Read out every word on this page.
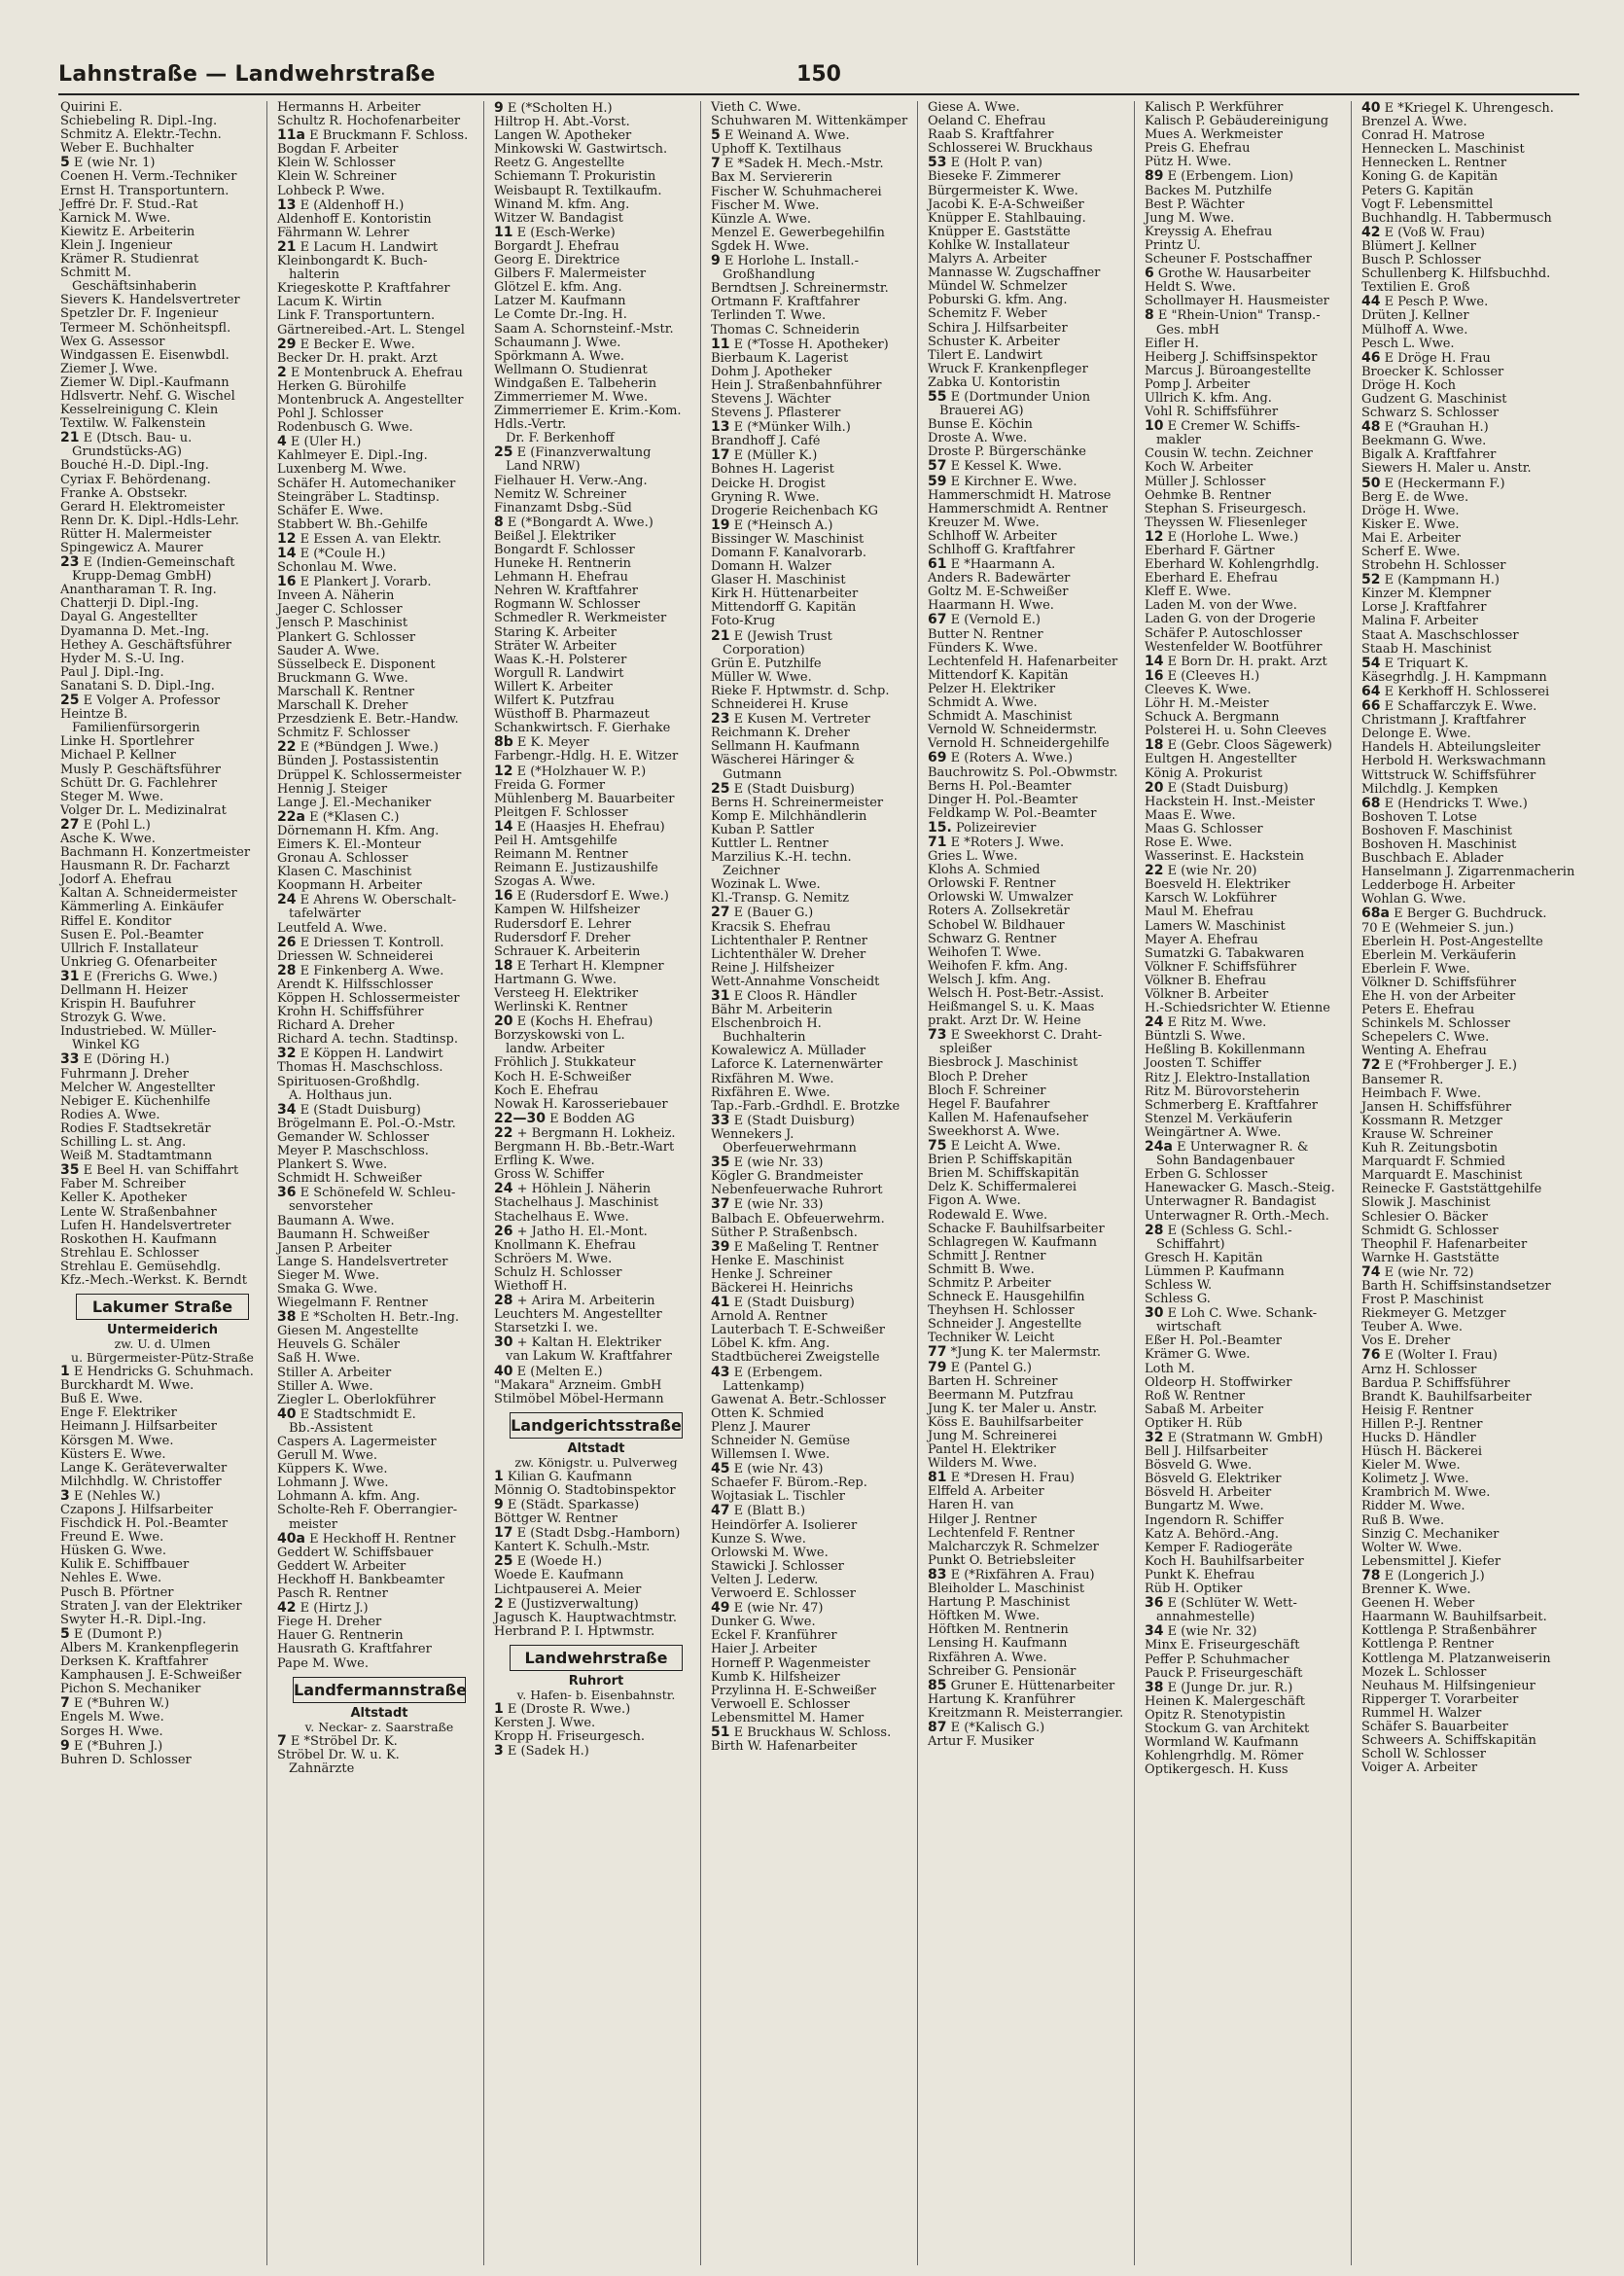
Lahnstraße — Landwehrstraße	150
Quirini E.
Schiebeling R. Dipl.-Ing.
Schmitz A. Elektr.-Techn.
Weber E. Buchhalter
5 E (wie Nr. 1)
Coenen H. Verm.-Techniker
Ernst H. Transportuntern.
Jeffré Dr. F. Stud.-Rat
Karnick M. Wwe.
Kiewitz E. Arbeiterin
Klein J. Ingenieur
Krämer R. Studienrat
Schmitt M.
Geschäftsinhaberin
Sievers K. Handelsvertreter
Spetzler Dr. F. Ingenieur
Termeer M. Schönheitspfl.
Wex G. Assessor
Windgassen E. Eisenwbdl.
Ziemer J. Wwe.
Ziemer W. Dipl.-Kaufmann
Hdlsvertr. Nehf. G. Wischel
Kesselreinigung C. Klein
Textilw. W. Falkenstein
21 E (Dtsch. Bau- u.
Grundstücks-AG)
Bouché H.-D. Dipl.-Ing.
Cyriax F. Behördenang.
Franke A. Obstsekr.
Gerard H. Elektromeister
Renn Dr. K. Dipl.-Hdls-Lehr.
Rütter H. Malermeister
Spingewicz A. Maurer
23 E (Indien-Gemeinschaft
Krupp-Demag GmbH)
Anantharaman T. R. Ing.
Chatterji D. Dipl.-Ing.
Dayal G. Angestellter
Dyamanna D. Met.-Ing.
Hethey A. Geschäftsführer
Hyder M. S.-U. Ing.
Paul J. Dipl.-Ing.
Sanatani S. D. Dipl.-Ing.
25 E Volger A. Professor
Heintze B.
Familienfürsorgerin
Linke H. Sportlehrer
Michael P. Kellner
Musly P. Geschäftsführer
Schütt Dr. G. Fachlehrer
Steger M. Wwe.
Volger Dr. L. Medizinalrat
27 E (Pohl L.)
Asche K. Wwe.
Bachmann H. Konzertmeister
Hausmann R. Dr. Facharzt
Jodorf A. Ehefrau
Kaltan A. Schneidermeister
Kämmerling A. Einkäufer
Riffel E. Konditor
Susen E. Pol.-Beamter
Ullrich F. Installateur
Unkrieg G. Ofenarbeiter
31 E (Frerichs G. Wwe.)
Dellmann H. Heizer
Krispin H. Baufuhrer
Strozyk G. Wwe.
Industriebed. W. Müller-
Winkel KG
33 E (Döring H.)
Fuhrmann J. Dreher
Melcher W. Angestellter
Nebiger E. Küchenhilfe
Rodies A. Wwe.
Rodies F. Stadtsekretär
Schilling L. st. Ang.
Weiß M. Stadtamtmann
35 E Beel H. van Schiffahrt
Faber M. Schreiber
Keller K. Apotheker
Lente W. Straßenbahner
Lufen H. Handelsvertreter
Roskothen H. Kaufmann
Strehlau E. Schlosser
Strehlau E. Gemüsehdlg.
Kfz.-Mech.-Werkst. K. Berndt
Lakumer Straße
Untermeiderich
zw. U. d. Ulmen
u. Bürgermeister-Pütz-Straße
1 E Hendricks G. Schuhmach.
Burckhardt M. Wwe.
Buß E. Wwe.
Enge F. Elektriker
Heimann J. Hilfsarbeiter
Körsgen M. Wwe.
Küsters E. Wwe.
Lange K. Geräteverwalter
Milchhdlg. W. Christoffer
3 E (Nehles W.)
Czapons J. Hilfsarbeiter
Fischdick H. Pol.-Beamter
Freund E. Wwe.
Hüsken G. Wwe.
Kulik E. Schiffbauer
Nehles E. Wwe.
Pusch B. Pförtner
Straten J. van der Elektriker
Swyter H.-R. Dipl.-Ing.
5 E (Dumont P.)
Albers M. Krankenpflegerin
Derksen K. Kraftfahrer
Kamphausen J. E-Schweißer
Pichon S. Mechaniker
7 E (*Buhren W.)
Engels M. Wwe.
Sorges H. Wwe.
9 E (*Buhren J.)
Buhren D. Schlosser
Hermanns H. Arbeiter
Schultz R. Hochofenarbeiter
11a E Bruckmann F. Schloss.
Bogdan F. Arbeiter
Klein W. Schlosser
Klein W. Schreiner
Lohbeck P. Wwe.
13 E (Aldenhoff H.)
Aldenhoff E. Kontoristin
Fährmann W. Lehrer
21 E Lacum H. Landwirt
Kleinbongardt K. Buch-
halterin
Kriegeskotte P. Kraftfahrer
Lacum K. Wirtin
Link F. Transportuntern.
Gärtnereibed.-Art. L. Stengel
29 E Becker E. Wwe.
Becker Dr. H. prakt. Arzt
2 E Montenbruck A. Ehefrau
Herken G. Bürohilfe
Montenbruck A. Angestellter
Pohl J. Schlosser
Rodenbusch G. Wwe.
4 E (Uler H.)
Kahlmeyer E. Dipl.-Ing.
Luxenberg M. Wwe.
Schäfer H. Automechaniker
Steingräber L. Stadtinsp.
Schäfer E. Wwe.
Stabbert W. Bh.-Gehilfe
12 E Essen A. van Elektr.
14 E (*Coule H.)
Schonlau M. Wwe.
16 E Plankert J. Vorarb.
Inveen A. Näherin
Jaeger C. Schlosser
Jensch P. Maschinist
Plankert G. Schlosser
Sauder A. Wwe.
Süsselbeck E. Disponent
Bruckmann G. Wwe.
Marschall K. Rentner
Marschall K. Dreher
Przesdzienk E. Betr.-Handw.
Schmitz F. Schlosser
22 E (*Bündgen J. Wwe.)
Bünden J. Postassistentin
Drüppel K. Schlossermeister
Hennig J. Steiger
Lange J. El.-Mechaniker
22a E (*Klasen C.)
Dörnemann H. Kfm. Ang.
Eimers K. El.-Monteur
Gronau A. Schlosser
Klasen C. Maschinist
Koopmann H. Arbeiter
24 E Ahrens W. Oberschalt-
tafelwärter
Leutfeld A. Wwe.
26 E Driessen T. Kontroll.
Driessen W. Schneiderei
28 E Finkenberg A. Wwe.
Arendt K. Hilfsschlosser
Köppen H. Schlossermeister
Krohn H. Schiffsführer
Richard A. Dreher
Richard A. techn. Stadtinsp.
32 E Köppen H. Landwirt
Thomas H. Maschschloss.
Spirituosen-Großhdlg.
A. Holthaus jun.
34 E (Stadt Duisburg)
Brögelmann E. Pol.-O.-Mstr.
Gemander W. Schlosser
Meyer P. Maschschloss.
Plankert S. Wwe.
Schmidt H. Schweißer
36 E Schönefeld W. Schleu-
senvorsteher
Baumann A. Wwe.
Baumann H. Schweißer
Jansen P. Arbeiter
Lange S. Handelsvertreter
Sieger M. Wwe.
Smaka G. Wwe.
Wiegelmann F. Rentner
38 E *Scholten H. Betr.-Ing.
Giesen M. Angestellte
Heuvels G. Schäler
Saß H. Wwe.
Stiller A. Arbeiter
Stiller A. Wwe.
Ziegler L. Oberlokführer
40 E Stadtschmidt E.
Bb.-Assistent
Caspers A. Lagermeister
Gerull M. Wwe.
Küppers K. Wwe.
Lohmann J. Wwe.
Lohmann A. kfm. Ang.
Scholte-Reh F. Oberrangier-
meister
40a E Heckhoff H. Rentner
Geddert W. Schiffsbauer
Geddert W. Arbeiter
Heckhoff H. Bankbeamter
Pasch R. Rentner
42 E (Hirtz J.)
Fiege H. Dreher
Hauer G. Rentnerin
Hausrath G. Kraftfahrer
Pape M. Wwe.
Landfermannstraße
Altstadt
v. Neckar- z. Saarstraße
7 E *Ströbel Dr. K.
Ströbel Dr. W. u. K.
Zahnärzte
9 E (*Scholten H.)
Hiltrop H. Abt.-Vorst.
Langen W. Apotheker
Minkowski W. Gastwirtsch.
Reetz G. Angestellte
Schiemann T. Prokuristin
Weisbaupt R. Textilkaufm.
Winand M. kfm. Ang.
Witzer W. Bandagist
11 E (Esch-Werke)
Borgardt J. Ehefrau
Georg E. Direktrice
Gilbers F. Malermeister
Glötzel E. kfm. Ang.
Latzer M. Kaufmann
Le Comte Dr.-Ing. H.
Saam A. Schornsteinf.-Mstr.
Schaumann J. Wwe.
Spörkmann A. Wwe.
Wellmann O. Studienrat
Windgaßen E. Talbeherin
Zimmerriemer M. Wwe.
Zimmerriemer E. Krim.-Kom.
Hdls.-Vertr.
Dr. F. Berkenhoff
25 E (Finanzverwaltung
Land NRW)
Fielhauer H. Verw.-Ang.
Nemitz W. Schreiner
Finanzamt Dsbg.-Süd
8 E (*Bongardt A. Wwe.)
Beißel J. Elektriker
Bongardt F. Schlosser
Huneke H. Rentnerin
Lehmann H. Ehefrau
Nehren W. Kraftfahrer
Rogmann W. Schlosser
Schmedler R. Werkmeister
Staring K. Arbeiter
Sträter W. Arbeiter
Waas K.-H. Polsterer
Worgull R. Landwirt
Willert K. Arbeiter
Wilfert K. Putzfrau
Wüsthoff B. Pharmazeut
Schankwirtsch. F. Gierhake
8b E K. Meyer
Farbengr.-Hdlg. H. E. Witzer
12 E (*Holzhauer W. P.)
Freida G. Former
Mühlenberg M. Bauarbeiter
Pleitgen F. Schlosser
14 E (Haasjes H. Ehefrau)
Peil H. Amtsgehilfe
Reimann M. Rentner
Reimann E. Justizaushilfe
Szogas A. Wwe.
16 E (Rudersdorf E. Wwe.)
Kampen W. Hilfsheizer
Rudersdorf E. Lehrer
Rudersdorf F. Dreher
Schrauer K. Arbeiterin
18 E Terhart H. Klempner
Hartmann G. Wwe.
Versteeg H. Elektriker
Werlinski K. Rentner
20 E (Kochs H. Ehefrau)
Borzyskowski von L.
landw. Arbeiter
Fröhlich J. Stukkateur
Koch H. E-Schweißer
Koch E. Ehefrau
Nowak H. Karosseriebauer
22—30 E Bodden AG
22 + Bergmann H. Lokheiz.
Bergmann H. Bb.-Betr.-Wart
Erfling K. Wwe.
Gross W. Schiffer
24 + Höhlein J. Näherin
Stachelhaus J. Maschinist
Stachelhaus E. Wwe.
26 + Jatho H. El.-Mont.
Knollmann K. Ehefrau
Schröers M. Wwe.
Schulz H. Schlosser
Wiethoff H.
28 + Arira M. Arbeiterin
Leuchters M. Angestellter
Starsetzki I. we.
30 + Kaltan H. Elektriker
van Lakum W. Kraftfahrer
40 E (Melten E.)
"Makara" Arzneim. GmbH
Stilmöbel Möbel-Hermann
Landgerichtsstraße
Altstadt
zw. Königstr. u. Pulverweg
1 Kilian G. Kaufmann
Mönnig O. Stadtobinspektor
9 E (Städt. Sparkasse)
Böttger W. Rentner
17 E (Stadt Dsbg.-Hamborn)
Kantert K. Schulh.-Mstr.
25 E (Woede H.)
Woede E. Kaufmann
Lichtpauserei A. Meier
2 E (Justizverwaltung)
Jagusch K. Hauptwachtmstr.
Herbrand P. I. Hptwmstr.
Landwehrstraße
Ruhrort
v. Hafen- b. Eisenbahnstr.
1 E (Droste R. Wwe.)
Kersten J. Wwe.
Kropp H. Friseurgesch.
3 E (Sadek H.)
Vieth C. Wwe.
Schuhwaren M. Wittenkämper
5 E Weinand A. Wwe.
Uphoff K. Textilhaus
7 E *Sadek H. Mech.-Mstr.
Bax M. Serviererin
Fischer W. Schuhmacherei
Fischer M. Wwe.
Künzle A. Wwe.
Menzel E. Gewerbegehilfin
Sgdek H. Wwe.
9 E Horlohe L. Install.-
Großhandlung
Berndtsen J. Schreinermstr.
Ortmann F. Kraftfahrer
Terlinden T. Wwe.
Thomas C. Schneiderin
11 E (*Tosse H. Apotheker)
Bierbaum K. Lagerist
Dohm J. Apotheker
Hein J. Straßenbahnführer
Stevens J. Wächter
Stevens J. Pflasterer
13 E (*Münker Wilh.)
Brandhoff J. Café
17 E (Müller K.)
Bohnes H. Lagerist
Deicke H. Drogist
Gryning R. Wwe.
Drogerie Reichenbach KG
19 E (*Heinsch A.)
Bissinger W. Maschinist
Domann F. Kanalvorarb.
Domann H. Walzer
Glaser H. Maschinist
Kirk H. Hüttenarbeiter
Mittendorff G. Kapitän
Foto-Krug
21 E (Jewish Trust
Corporation)
Grün E. Putzhilfe
Müller W. Wwe.
Rieke F. Hptwmstr. d. Schp.
Schneiderei H. Kruse
23 E Kusen M. Vertreter
Reichmann K. Dreher
Sellmann H. Kaufmann
Wäscherei Häringer &
Gutmann
25 E (Stadt Duisburg)
Berns H. Schreinermeister
Komp E. Milchhändlerin
Kuban P. Sattler
Kuttler L. Rentner
Marzilius K.-H. techn.
Zeichner
Wozinak L. Wwe.
Kl.-Transp. G. Nemitz
27 E (Bauer G.)
Kracsik S. Ehefrau
Lichtenthaler P. Rentner
Lichtenthäler W. Dreher
Reine J. Hilfsheizer
Wett-Annahme Vonscheidt
31 E Cloos R. Händler
Bähr M. Arbeiterin
Elschenbroich H.
Buchhalterin
Kowalewicz A. Müllader
Laforce K. Laternenwärter
Rixfähren M. Wwe.
Rixfähren E. Wwe.
Tap.-Farb.-Grdhdl. E. Brotzke
33 E (Stadt Duisburg)
Wennekers J.
Oberfeuerwehrmann
35 E (wie Nr. 33)
Kögler G. Brandmeister
Nebenfeuerwache Ruhrort
37 E (wie Nr. 33)
Balbach E. Obfeuerwehrm.
Süther P. Straßenbsch.
39 E Maßeling T. Rentner
Henke E. Maschinist
Henke J. Schreiner
Bäckerei H. Heinrichs
41 E (Stadt Duisburg)
Arnold A. Rentner
Lauterbach T. E-Schweißer
Löbel K. kfm. Ang.
Stadtbücherei Zweigstelle
43 E (Erbengem.
Lattenkamp)
Gawenat A. Betr.-Schlosser
Otten K. Schmied
Plenz J. Maurer
Schneider N. Gemüse
Willemsen I. Wwe.
45 E (wie Nr. 43)
Schaefer F. Bürom.-Rep.
Wojtasiak L. Tischler
47 E (Blatt B.)
Heindörfer A. Isolierer
Kunze S. Wwe.
Orlowski M. Wwe.
Stawicki J. Schlosser
Velten J. Lederw.
Verwoerd E. Schlosser
49 E (wie Nr. 47)
Dunker G. Wwe.
Eckel F. Kranführer
Haier J. Arbeiter
Horneff P. Wagenmeister
Kumb K. Hilfsheizer
Przylinna H. E-Schweißer
Verwoell E. Schlosser
Lebensmittel M. Hamer
51 E Bruckhaus W. Schloss.
Birth W. Hafenarbeiter
Giese A. Wwe.
Oeland C. Ehefrau
Raab S. Kraftfahrer
Schlosserei W. Bruckhaus
53 E (Holt P. van)
Bieseke F. Zimmerer
Bürgermeister K. Wwe.
Jacobi K. E-A-Schweißer
Knüpper E. Stahlbauing.
Knüpper E. Gaststätte
Kohlke W. Installateur
Malyrs A. Arbeiter
Mannasse W. Zugschaffner
Mündel W. Schmelzer
Poburski G. kfm. Ang.
Schemitz F. Weber
Schira J. Hilfsarbeiter
Schuster K. Arbeiter
Tilert E. Landwirt
Wruck F. Krankenpfleger
Zabka U. Kontoristin
55 E (Dortmunder Union
Brauerei AG)
Bunse E. Köchin
Droste A. Wwe.
Droste P. Bürgerschänke
57 E Kessel K. Wwe.
59 E Kirchner E. Wwe.
Hammerschmidt H. Matrose
Hammerschmidt A. Rentner
Kreuzer M. Wwe.
Schlhoff W. Arbeiter
Schlhoff G. Kraftfahrer
61 E *Haarmann A.
Anders R. Badewärter
Goltz M. E-Schweißer
Haarmann H. Wwe.
67 E (Vernold E.)
Butter N. Rentner
Fünders K. Wwe.
Lechtenfeld H. Hafenarbeiter
Mittendorf K. Kapitän
Pelzer H. Elektriker
Schmidt A. Wwe.
Schmidt A. Maschinist
Vernold W. Schneidermstr.
Vernold H. Schneidergehilfe
69 E (Roters A. Wwe.)
Bauchrowitz S. Pol.-Obwmstr.
Berns H. Pol.-Beamter
Dinger H. Pol.-Beamter
Feldkamp W. Pol.-Beamter
15. Polizeirevier
71 E *Roters J. Wwe.
Gries L. Wwe.
Klohs A. Schmied
Orlowski F. Rentner
Orlowski W. Umwalzer
Roters A. Zollsekretär
Schobel W. Bildhauer
Schwarz G. Rentner
Weihofen T. Wwe.
Weihofen F. kfm. Ang.
Welsch J. kfm. Ang.
Welsch H. Post-Betr.-Assist.
Heißmangel S. u. K. Maas
prakt. Arzt Dr. W. Heine
73 E Sweekhorst C. Draht-
spleißer
Biesbrock J. Maschinist
Bloch P. Dreher
Bloch F. Schreiner
Hegel F. Baufahrer
Kallen M. Hafenaufseher
Sweekhorst A. Wwe.
75 E Leicht A. Wwe.
Brien P. Schiffskapitän
Brien M. Schiffskapitän
Delz K. Schiffermalerei
Figon A. Wwe.
Rodewald E. Wwe.
Schacke F. Bauhilfsarbeiter
Schlagregen W. Kaufmann
Schmitt J. Rentner
Schmitt B. Wwe.
Schmitz P. Arbeiter
Schneck E. Hausgehilfin
Theyhsen H. Schlosser
Schneider J. Angestellte
Techniker W. Leicht
77 *Jung K. ter Malermstr.
79 E (Pantel G.)
Barten H. Schreiner
Beermann M. Putzfrau
Jung K. ter Maler u. Anstr.
Köss E. Bauhilfsarbeiter
Jung M. Schreinerei
Pantel H. Elektriker
Wilders M. Wwe.
81 E *Dresen H. Frau)
Elffeld A. Arbeiter
Haren H. van
Hilger J. Rentner
Lechtenfeld F. Rentner
Malcharczyk R. Schmelzer
Punkt O. Betriebsleiter
83 E (*Rixfähren A. Frau)
Bleiholder L. Maschinist
Hartung P. Maschinist
Höftken M. Wwe.
Höftken M. Rentnerin
Lensing H. Kaufmann
Rixfähren A. Wwe.
Schreiber G. Pensionär
85 Gruner E. Hüttenarbeiter
Hartung K. Kranführer
Kreitzmann R. Meisterrangier.
87 E (*Kalisch G.)
Artur F. Musiker
Kalisch P. Werkführer
Kalisch P. Gebäudereinigung
Mues A. Werkmeister
Preis G. Ehefrau
Pütz H. Wwe.
89 E (Erbengem. Lion)
Backes M. Putzhilfe
Best P. Wächter
Jung M. Wwe.
Kreyssig A. Ehefrau
Printz U.
Scheuner F. Postschaffner
6 Grothe W. Hausarbeiter
Heldt S. Wwe.
Schollmayer H. Hausmeister
8 E "Rhein-Union" Transp.-
Ges. mbH
Eifler H.
Heiberg J. Schiffsinspektor
Marcus J. Büroangestellte
Pomp J. Arbeiter
Ullrich K. kfm. Ang.
Vohl R. Schiffsführer
10 E Cremer W. Schiffs-
makler
Cousin W. techn. Zeichner
Koch W. Arbeiter
Müller J. Schlosser
Oehmke B. Rentner
Stephan S. Friseurgesch.
Theyssen W. Fliesenleger
12 E (Horlohe L. Wwe.)
Eberhard F. Gärtner
Eberhard W. Kohlengrhdlg.
Eberhard E. Ehefrau
Kleff E. Wwe.
Laden M. von der Wwe.
Laden G. von der Drogerie
Schäfer P. Autoschlosser
Westenfelder W. Bootführer
14 E Born Dr. H. prakt. Arzt
16 E (Cleeves H.)
Cleeves K. Wwe.
Löhr H. M.-Meister
Schuck A. Bergmann
Polsterei H. u. Sohn Cleeves
18 E (Gebr. Cloos Sägewerk)
Eultgen H. Angestellter
König A. Prokurist
20 E (Stadt Duisburg)
Hackstein H. Inst.-Meister
Maas E. Wwe.
Maas G. Schlosser
Rose E. Wwe.
Wasserinst. E. Hackstein
22 E (wie Nr. 20)
Boesveld H. Elektriker
Karsch W. Lokführer
Maul M. Ehefrau
Lamers W. Maschinist
Mayer A. Ehefrau
Sumatzki G. Tabakwaren
Völkner F. Schiffsführer
Völkner B. Ehefrau
Völkner B. Arbeiter
H.-Schiedsrichter W. Etienne
24 E Ritz M. Wwe.
Büntzli S. Wwe.
Heßling B. Kokillenmann
Joosten T. Schiffer
Ritz J. Elektro-Installation
Ritz M. Bürovorsteherin
Schmerberg E. Kraftfahrer
Stenzel M. Verkäuferin
Weingärtner A. Wwe.
24a E Unterwagner R. &
Sohn Bandagenbauer
Erben G. Schlosser
Hanewacker G. Masch.-Steig.
Unterwagner R. Bandagist
Unterwagner R. Orth.-Mech.
28 E (Schless G. Schl.-
Schiffahrt)
Gresch H. Kapitän
Lümmen P. Kaufmann
Schless W.
Schless G.
30 E Loh C. Wwe. Schank-
wirtschaft
Eßer H. Pol.-Beamter
Krämer G. Wwe.
Loth M.
Oldeorp H. Stoffwirker
Roß W. Rentner
Sabaß M. Arbeiter
Optiker H. Rüb
32 E (Stratmann W. GmbH)
Bell J. Hilfsarbeiter
Bösveld G. Wwe.
Bösveld G. Elektriker
Bösveld H. Arbeiter
Bungartz M. Wwe.
Ingendorn R. Schiffer
Katz A. Behörd.-Ang.
Kemper F. Radiogeräte
Koch H. Bauhilfsarbeiter
Punkt K. Ehefrau
Rüb H. Optiker
36 E (Schlüter W. Wett-
annahmestelle)
34 E (wie Nr. 32)
Minx E. Friseurgeschäft
Peffer P. Schuhmacher
Pauck P. Friseurgeschäft
38 E (Junge Dr. jur. R.)
Heinen K. Malergeschäft
Opitz R. Stenotypistin
Stockum G. van Architekt
Wormland W. Kaufmann
Kohlengrhdlg. M. Römer
Optikergesch. H. Kuss
40 E *Kriegel K. Uhrengesch.
Brenzel A. Wwe.
Conrad H. Matrose
Hennecken L. Maschinist
Hennecken L. Rentner
Koning G. de Kapitän
Peters G. Kapitän
Vogt F. Lebensmittel
Buchhandlg. H. Tabbermusch
42 E (Voß W. Frau)
Blümert J. Kellner
Busch P. Schlosser
Schullenberg K. Hilfsbuchhd.
Textilien E. Groß
44 E Pesch P. Wwe.
Drüten J. Kellner
Mülhoff A. Wwe.
Pesch L. Wwe.
46 E Dröge H. Frau
Broecker K. Schlosser
Dröge H. Koch
Gudzent G. Maschinist
Schwarz S. Schlosser
48 E (*Grauhan H.)
Beekmann G. Wwe.
Bigalk A. Kraftfahrer
Siewers H. Maler u. Anstr.
50 E (Heckermann F.)
Berg E. de Wwe.
Dröge H. Wwe.
Kisker E. Wwe.
Mai E. Arbeiter
Scherf E. Wwe.
Strobehn H. Schlosser
52 E (Kampmann H.)
Kinzer M. Klempner
Lorse J. Kraftfahrer
Malina F. Arbeiter
Staat A. Maschschlosser
Staab H. Maschinist
54 E Triquart K.
Käsegrhdlg. J. H. Kampmann
64 E Kerkhoff H. Schlosserei
66 E Schaffarczyk E. Wwe.
Christmann J. Kraftfahrer
Delonge E. Wwe.
Handels H. Abteilungsleiter
Herbold H. Werkswachmann
Wittstruck W. Schiffsführer
Milchdlg. J. Kempken
68 E (Hendricks T. Wwe.)
Boshoven T. Lotse
Boshoven F. Maschinist
Boshoven H. Maschinist
Buschbach E. Ablader
Hanselmann J. Zigarrenmacherin
Ledderboge H. Arbeiter
Wohlan G. Wwe.
68a E Berger G. Buchdruck.
70 E (Wehmeier S. jun.)
Eberlein H. Post-Angestellte
Eberlein M. Verkäuferin
Eberlein F. Wwe.
Völkner D. Schiffsführer
Ehe H. von der Arbeiter
Peters E. Ehefrau
Schinkels M. Schlosser
Schepelers C. Wwe.
Wenting A. Ehefrau
72 E (*Frohberger J. E.)
Bansemer R.
Heimbach F. Wwe.
Jansen H. Schiffsführer
Kossmann R. Metzger
Krause W. Schreiner
Kuh R. Zeitungsbotin
Marquardt F. Schmied
Marquardt E. Maschinist
Reinecke F. Gaststättgehilfe
Slowik J. Maschinist
Schlesier O. Bäcker
Schmidt G. Schlosser
Theophil F. Hafenarbeiter
Warnke H. Gaststätte
74 E (wie Nr. 72)
Barth H. Schiffsinstandsetzer
Frost P. Maschinist
Riekmeyer G. Metzger
Teuber A. Wwe.
Vos E. Dreher
76 E (Wolter I. Frau)
Arnz H. Schlosser
Bardua P. Schiffsführer
Brandt K. Bauhilfsarbeiter
Heisig F. Rentner
Hillen P.-J. Rentner
Hucks D. Händler
Hüsch H. Bäckerei
Kieler M. Wwe.
Kolimetz J. Wwe.
Krambrich M. Wwe.
Ridder M. Wwe.
Ruß B. Wwe.
Sinzig C. Mechaniker
Wolter W. Wwe.
Lebensmittel J. Kiefer
78 E (Longerich J.)
Brenner K. Wwe.
Geenen H. Weber
Haarmann W. Bauhilfsarbeit.
Kottlenga P. Straßenbährer
Kottlenga P. Rentner
Kottlenga M. Platzanweiserin
Mozek L. Schlosser
Neuhaus M. Hilfsingenieur
Ripperger T. Vorarbeiter
Rummel H. Walzer
Schäfer S. Bauarbeiter
Schweers A. Schiffskapitän
Scholl W. Schlosser
Voiger A. Arbeiter
